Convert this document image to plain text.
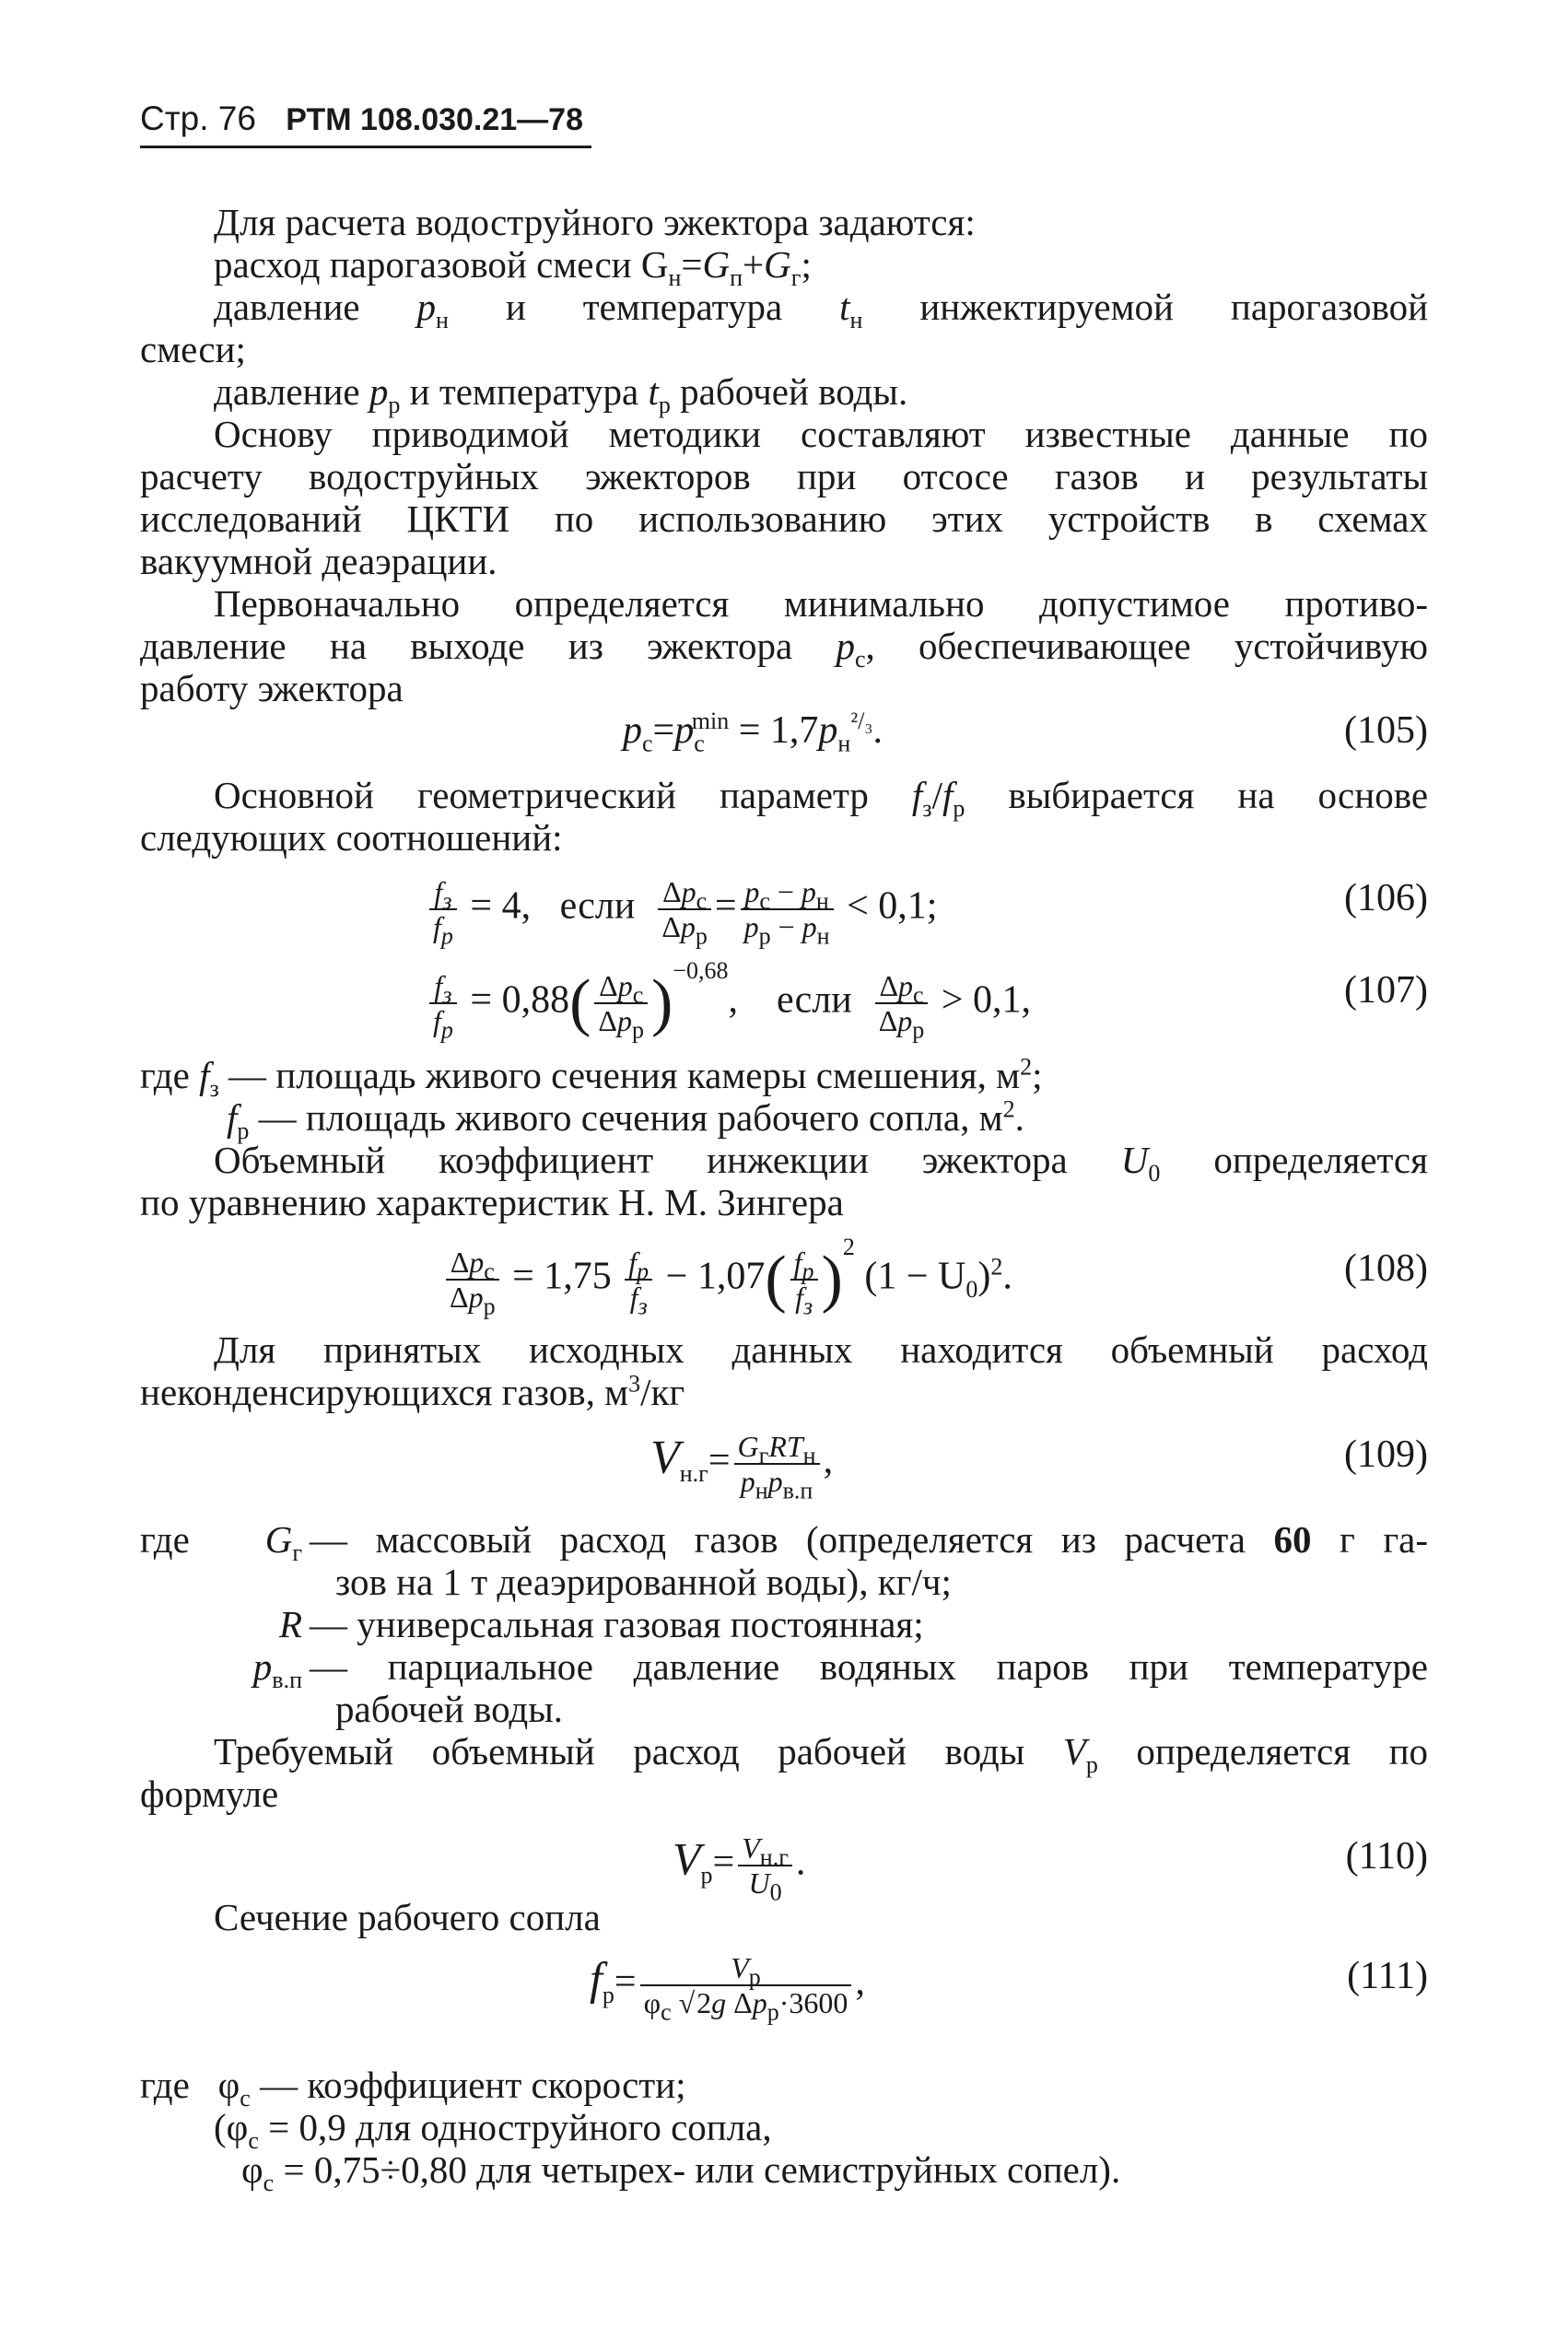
Стр. 76 РТМ 108.030.21—78
Для расчета водоструйного эжектора задаются:
расход парогазовой смеси $G_н=G_п+G_г$;
давление $p_н$ и температура $t_н$ инжектируемой парогазовой
смеси;
давление $p_р$ и температура $t_р$ рабочей воды.
Основу приводимой методики составляют известные данные по
расчету водоструйных эжекторов при отсосе газов и результаты
исследований ЦКТИ по использованию этих устройств в схемах
вакуумной деаэрации.
Первоначально определяется минимально допустимое противо-
давление на выходе из эжектора $p_с$, обеспечивающее устойчивую
работу эжектора
$p_с=p_с^{min} = 1,7p_н^{^2/_3}$.	(105)
Основной геометрический параметр $f_з/f_р$ выбирается на основе
следующих соотношений:
$\frac{f_з}{f_р} = 4$, если $\frac{\Delta p_с}{\Delta p_р} = \frac{p_с - p_н}{p_р - p_н} < 0,1$;	(106)
$\frac{f_з}{f_р} = 0,88( \frac{\Delta p_с}{\Delta p_р} )^{-0,68}$,    если $\frac{\Delta p_с}{\Delta p_р} > 0,1$,	(107)
где $f_з$ — площадь живого сечения камеры смешения, $м^2$;
$f_р$ — площадь живого сечения рабочего сопла, $м^2$.
Объемный коэффициент инжекции эжектора $U_0$ определяется
по уравнению характеристик Н. М. Зингера
$\frac{\Delta p_с}{\Delta p_р} = 1,75 \frac{f_р}{f_з} - 1,07( \frac{f_р}{f_з} )^2$ $(1 - U_0)^2$.	(108)
Для принятых исходных данных находится объемный расход
неконденсирующихся газов, $м^3/кг$
$V_{н.г}= \frac{G_гRT_н}{p_нp_{в.п}}$ ,	(109)
где	$G_г$ — массовый расход газов (определяется из расчета 60 г га-
зов на 1 т деаэрированной воды), кг/ч;
R — универсальная газовая постоянная;
$p_{в.п}$ — парциальное давление водяных паров при температуре
рабочей воды.
Требуемый объемный расход рабочей воды $V_р$ определяется по
формуле
$V_р= \frac{V_{н.г}}{U_0}$ .	(110)
Сечение рабочего сопла
$f_р= \frac{V_р}{\varphi_с √2g \Delta p_р\cdot 3600}$ ,	(111)
где   $\varphi_с$ — коэффициент скорости;
($\varphi_с = 0,9$ для одноструйного сопла,
$\varphi_с = 0,75\div 0,80$ для четырех- или семиструйных сопел).
